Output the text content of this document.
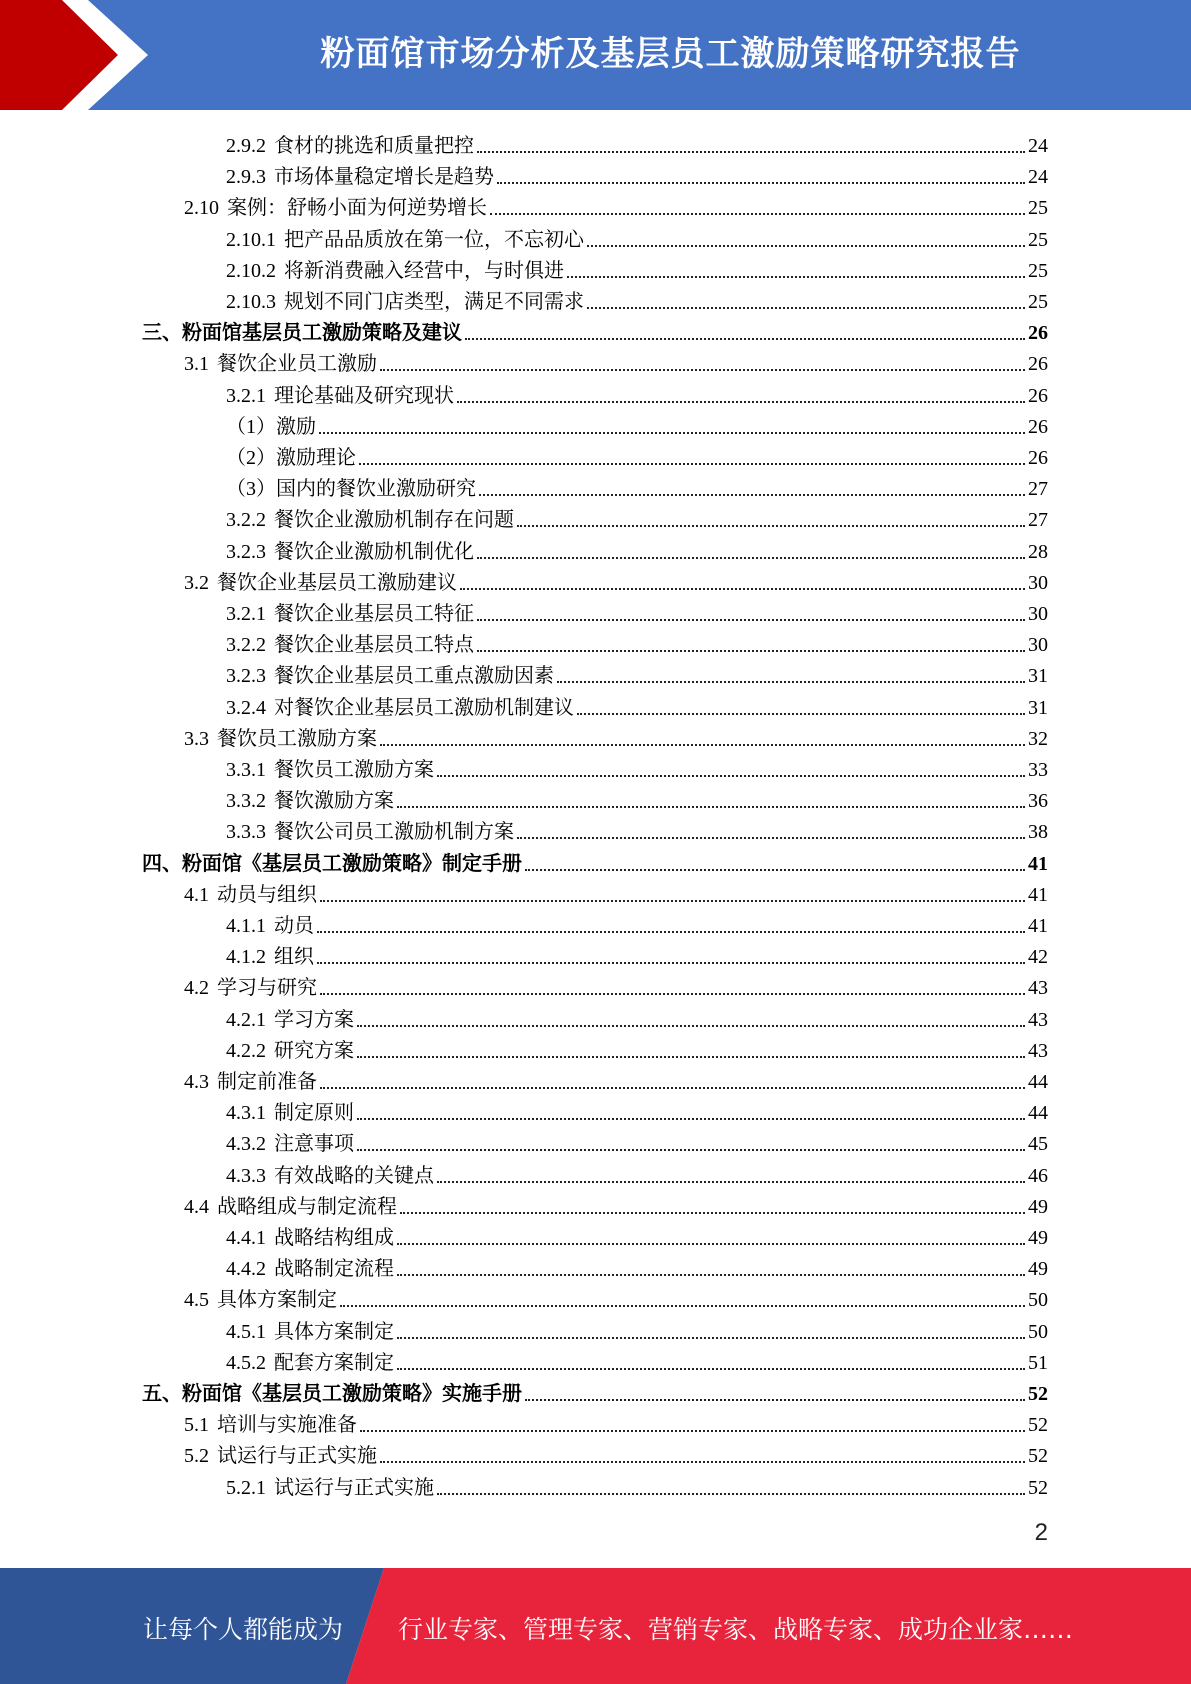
粉面馆市场分析及基层员工激励策略研究报告
2.9.2 食材的挑选和质量把控	24
2.9.3 市场体量稳定增长是趋势	24
2.10 案例：舒畅小面为何逆势增长	25
2.10.1 把产品品质放在第一位，不忘初心	25
2.10.2 将新消费融入经营中，与时俱进	25
2.10.3 规划不同门店类型，满足不同需求	25
三、粉面馆基层员工激励策略及建议	26
3.1 餐饮企业员工激励	26
3.2.1 理论基础及研究现状	26
（1）激励	26
（2）激励理论	26
（3）国内的餐饮业激励研究	27
3.2.2 餐饮企业激励机制存在问题	27
3.2.3 餐饮企业激励机制优化	28
3.2 餐饮企业基层员工激励建议	30
3.2.1 餐饮企业基层员工特征	30
3.2.2 餐饮企业基层员工特点	30
3.2.3 餐饮企业基层员工重点激励因素	31
3.2.4 对餐饮企业基层员工激励机制建议	31
3.3 餐饮员工激励方案	32
3.3.1 餐饮员工激励方案	33
3.3.2 餐饮激励方案	36
3.3.3 餐饮公司员工激励机制方案	38
四、粉面馆《基层员工激励策略》制定手册	41
4.1 动员与组织	41
4.1.1 动员	41
4.1.2 组织	42
4.2 学习与研究	43
4.2.1 学习方案	43
4.2.2 研究方案	43
4.3 制定前准备	44
4.3.1 制定原则	44
4.3.2 注意事项	45
4.3.3 有效战略的关键点	46
4.4 战略组成与制定流程	49
4.4.1 战略结构组成	49
4.4.2 战略制定流程	49
4.5 具体方案制定	50
4.5.1 具体方案制定	50
4.5.2 配套方案制定	51
五、粉面馆《基层员工激励策略》实施手册	52
5.1 培训与实施准备	52
5.2 试运行与正式实施	52
5.2.1 试运行与正式实施	52
2
让每个人都能成为 行业专家、管理专家、营销专家、战略专家、成功企业家……
